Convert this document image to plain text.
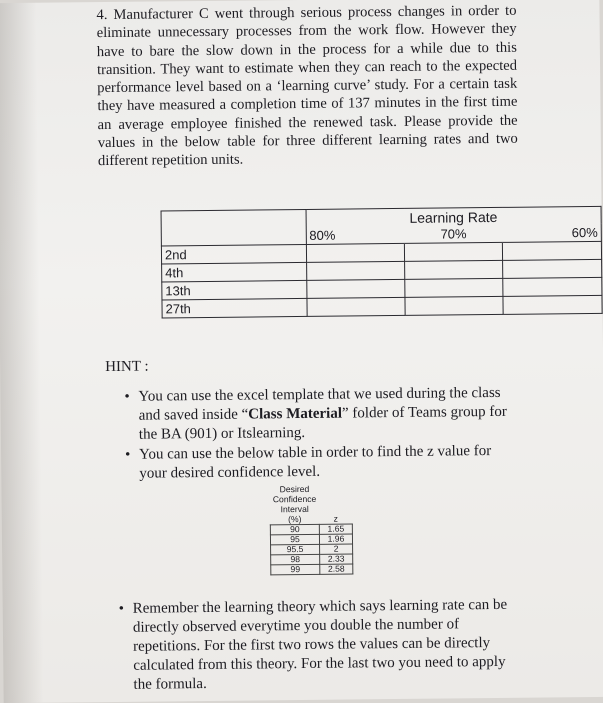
4. Manufacturer C went through serious process changes in order to eliminate unnecessary processes from the work flow. However they have to bare the slow down in the process for a while due to this transition. They want to estimate when they can reach to the expected performance level based on a ‘learning curve’ study. For a certain task they have measured a completion time of 137 minutes in the first time an average employee finished the renewed task. Please provide the values in the below table for three different learning rates and two different repetition units.

	Learning Rate		
	80%	70%	60%
2nd			
4th			
13th			
27th			
HINT :
• You can use the excel template that we used during the class and saved inside “Class Material” folder of Teams group for the BA (901) or Itslearning.
• You can use the below table in order to find the z value for your desired confidence level.
Desired
Confidence
Interval
(%)	z
90	1.65
95	1.96
95.5	2
98	2.33
99	2.58
• Remember the learning theory which says learning rate can be directly observed everytime you double the number of repetitions. For the first two rows the values can be directly calculated from this theory. For the last two you need to apply the formula.
